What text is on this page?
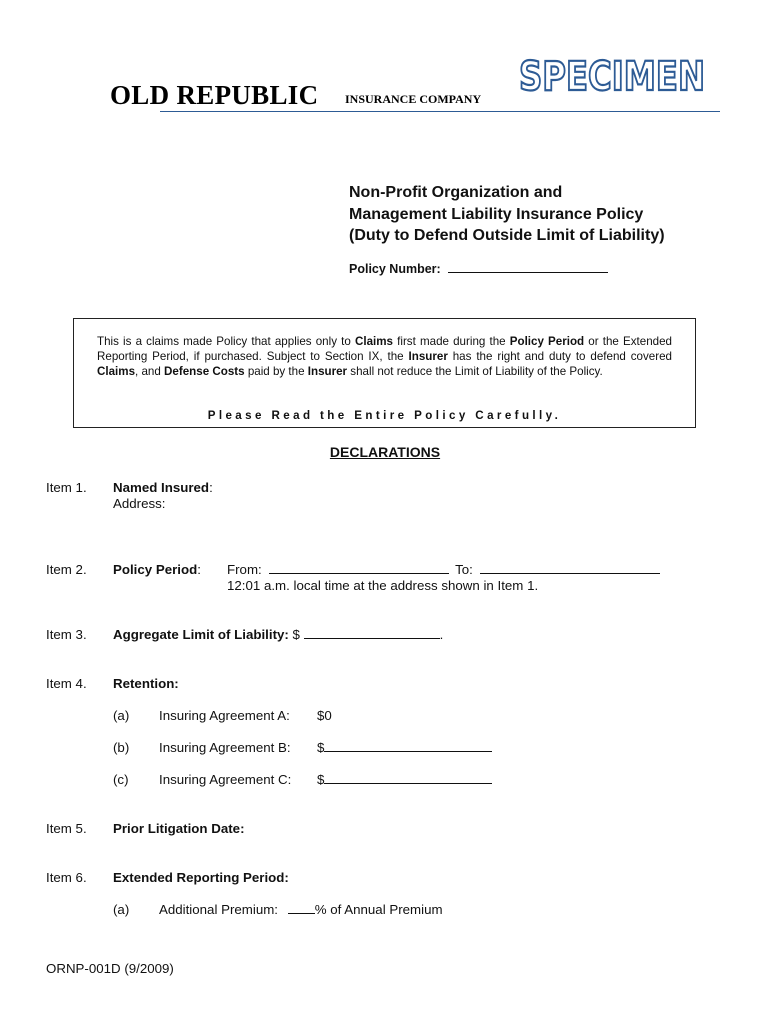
OLD REPUBLIC INSURANCE COMPANY SPECIMEN
Non-Profit Organization and
Management Liability Insurance Policy
(Duty to Defend Outside Limit of Liability)
Policy Number:
This is a claims made Policy that applies only to Claims first made during the Policy Period or the Extended Reporting Period, if purchased. Subject to Section IX, the Insurer has the right and duty to defend covered Claims, and Defense Costs paid by the Insurer shall not reduce the Limit of Liability of the Policy.
Please Read the Entire Policy Carefully.
DECLARATIONS
Item 1. Named Insured:
Address:
Item 2. Policy Period: From:	To:
12:01 a.m. local time at the address shown in Item 1.
Item 3. Aggregate Limit of Liability: $	.
Item 4. Retention:
(a) Insuring Agreement A: $0
(b) Insuring Agreement B: $
(c) Insuring Agreement C: $
Item 5. Prior Litigation Date:
Item 6. Extended Reporting Period:
(a) Additional Premium:	% of Annual Premium
ORNP-001D (9/2009)
